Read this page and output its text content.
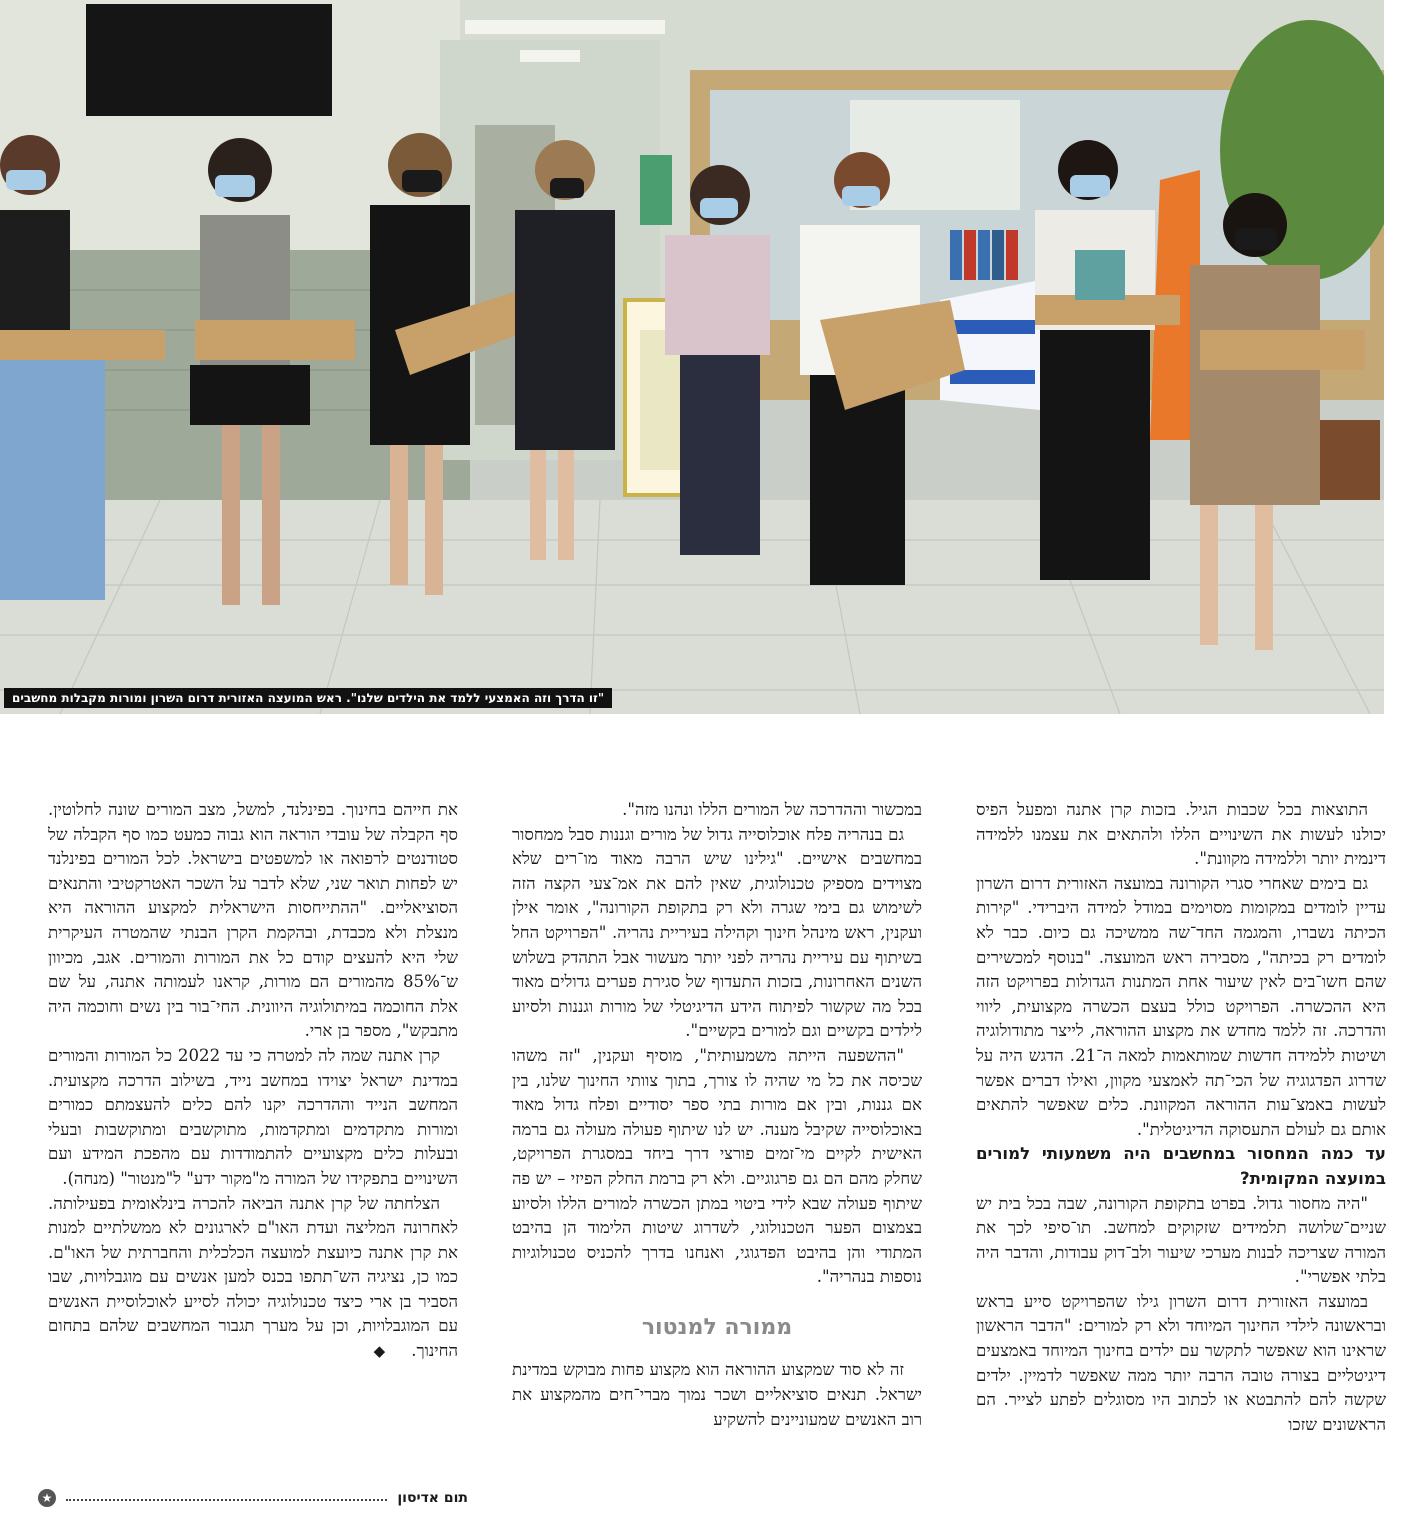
"זו הדרך וזה האמצעי ללמד את הילדים שלנו". ראש המועצה האזורית דרום השרון ומורות מקבלות מחשבים

התוצאות בכל שכבות הגיל. בזכות קרן אתנה ומפעל הפיס יכולנו לעשות את השינויים הללו ולהתאים את עצמנו ללמידה דינמית יותר וללמידה מקוונת".

גם בימים שאחרי סגרי הקורונה במועצה האזורית דרום השרון עדיין לומדים במקומות מסוימים במודל למידה היברידי. "קירות הכיתה נשברו, והמגמה החד־שה ממשיכה גם כיום. כבר לא לומדים רק בכיתה", מסבירה ראש המועצה. "בנוסף למכשירים שהם חשו־בים לאין שיעור אחת המתנות הגדולות בפרויקט הזה היא ההכשרה. הפרויקט כולל בעצם הכשרה מקצועית, ליווי והדרכה. זה ללמד מחדש את מקצוע ההוראה, לייצר מתודולוגיה ושיטות ללמידה חדשות שמותאמות למאה ה־21. הדגש היה על שדרוג הפדגוגיה של הכי־תה לאמצעי מקוון, ואילו דברים אפשר לעשות באמצ־עות ההוראה המקוונת. כלים שאפשר להתאים אותם גם לעולם התעסוקה הדיגיטלית".

עד כמה המחסור במחשבים היה משמעותי למורים במועצה המקומית?

"היה מחסור גדול. בפרט בתקופת הקורונה, שבה בכל בית יש שניים־שלושה תלמידים שזקוקים למחשב. תו־סיפי לכך את המורה שצריכה לבנות מערכי שיעור ולב־דוק עבודות, והדבר היה בלתי אפשרי".

במועצה האזורית דרום השרון גילו שהפרויקט סייע בראש ובראשונה לילדי החינוך המיוחד ולא רק למורים: "הדבר הראשון שראינו הוא שאפשר לתקשר עם ילדים בחינוך המיוחד באמצעים דיגיטליים בצורה טובה הרבה יותר ממה שאפשר לדמיין. ילדים שקשה להם להתבטא או לכתוב היו מסוגלים לפתע לצייר. הם הראשונים שזכו

במכשור וההדרכה של המורים הללו ונהנו מזה".

גם בנהריה פלח אוכלוסייה גדול של מורים וגננות סבל ממחסור במחשבים אישיים. "גילינו שיש הרבה מאוד מו־רים שלא מצוידים מספיק טכנולוגית, שאין להם את אמ־צעי הקצה הזה לשימוש גם בימי שגרה ולא רק בתקופת הקורונה", אומר אילן ועקנין, ראש מינהל חינוך וקהילה בעיריית נהריה. "הפרויקט החל בשיתוף עם עיריית נהריה לפני יותר מעשור אבל התהדק בשלוש השנים האחרונות, בזכות התעדוף של סגירת פערים גדולים מאוד בכל מה שקשור לפיתוח הידע הדיגיטלי של מורות וגננות ולסיוע לילדים בקשיים וגם למורים בקשיים".

"ההשפעה הייתה משמעותית", מוסיף ועקנין, "זה משהו שכיסה את כל מי שהיה לו צורך, בתוך צוותי החינוך שלנו, בין אם גננות, ובין אם מורות בתי ספר יסודיים ופלח גדול מאוד באוכלוסייה שקיבל מענה. יש לנו שיתוף פעולה מעולה גם ברמה האישית לקיים מי־זמים פורצי דרך ביחד במסגרת הפרויקט, שחלק מהם הם גם פרגוגיים. ולא רק ברמת החלק הפיזי – יש פה שיתוף פעולה שבא לידי ביטוי במתן הכשרה למורים הללו ולסיוע בצמצום הפער הטכנולוגי, לשדרוג שיטות הלימוד הן בהיבט המתודי והן בהיבט הפדגוגי, ואנחנו בדרך להכניס טכנולוגיות נוספות בנהריה".

ממורה למנטור

זה לא סוד שמקצוע ההוראה הוא מקצוע פחות מבוקש במדינת ישראל. תנאים סוציאליים ושכר נמוך מברי־חים מהמקצוע את רוב האנשים שמעוניינים להשקיע

את חייהם בחינוך. בפינלנד, למשל, מצב המורים שונה לחלוטין. סף הקבלה של עובדי הוראה הוא גבוה כמעט כמו סף הקבלה של סטודנטים לרפואה או למשפטים בישראל. לכל המורים בפינלנד יש לפחות תואר שני, שלא לדבר על השכר האטרקטיבי והתנאים הסוציאליים. "ההתייחסות הישראלית למקצוע ההוראה היא מנצלת ולא מכבדת, ובהקמת הקרן הבנתי שהמטרה העיקרית שלי היא להעצים קודם כל את המורות והמורים. אגב, מכיוון ש־85% מהמורים הם מורות, קראנו לעמותה אתנה, על שם אלת החוכמה במיתולוגיה היוונית. החי־בור בין נשים וחוכמה היה מתבקש", מספר בן ארי.

קרן אתנה שמה לה למטרה כי עד 2022 כל המורות והמורים במדינת ישראל יצוידו במחשב נייד, בשילוב הדרכה מקצועית. המחשב הנייד וההדרכה יקנו להם כלים להעצמתם כמורים ומורות מתקדמים ומתקדמות, מתוקשבים ומתוקשבות ובעלי ובעלות כלים מקצועיים להתמודדות עם מהפכת המידע ועם השינויים בתפקידו של המורה מ"מקור ידע" ל"מנטור" (מנחה).

הצלחתה של קרן אתנה הביאה להכרה בינלאומית בפעילותה. לאחרונה המליצה ועדת האו"ם לארגונים לא ממשלתיים למנות את קרן אתנה כיועצת למועצה הכלכלית והחברתית של האו"ם. כמו כן, נציגיה הש־תתפו בכנס למען אנשים עם מוגבלויות, שבו הסביר בן ארי כיצד טכנולוגיה יכולה לסייע לאוכלוסיית האנשים עם המוגבלויות, וכן על מערך תגבור המחשבים שלהם בתחום החינוך.◆

תום אדיסון
★
